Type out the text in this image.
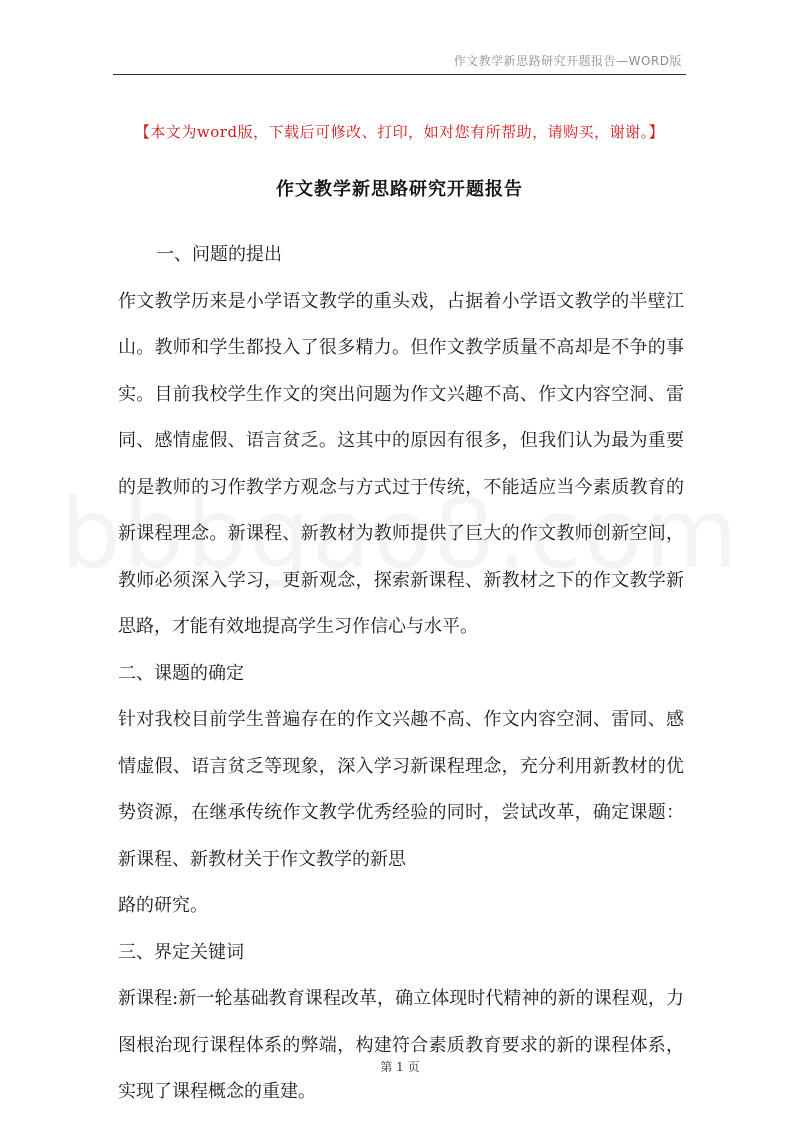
作文教学新思路研究开题报告—WORD版
【本文为word版，下载后可修改、打印，如对您有所帮助，请购买，谢谢。】
作文教学新思路研究开题报告

一、问题的提出

作文教学历来是小学语文教学的重头戏，占据着小学语文教学的半壁江山。教师和学生都投入了很多精力。但作文教学质量不高却是不争的事实。目前我校学生作文的突出问题为作文兴趣不高、作文内容空洞、雷同、感情虚假、语言贫乏。这其中的原因有很多，但我们认为最为重要的是教师的习作教学方观念与方式过于传统，不能适应当今素质教育的新课程理念。新课程、新教材为教师提供了巨大的作文教师创新空间，教师必须深入学习，更新观念，探索新课程、新教材之下的作文教学新思路，才能有效地提高学生习作信心与水平。

二、课题的确定

针对我校目前学生普遍存在的作文兴趣不高、作文内容空洞、雷同、感情虚假、语言贫乏等现象，深入学习新课程理念，充分利用新教材的优势资源，在继承传统作文教学优秀经验的同时，尝试改革，确定课题：新课程、新教材关于作文教学的新思

路的研究。

三、界定关键词

新课程:新一轮基础教育课程改革，确立体现时代精神的新的课程观，力图根治现行课程体系的弊端，构建符合素质教育要求的新的课程体系，实现了课程概念的重建。

第 1 页
